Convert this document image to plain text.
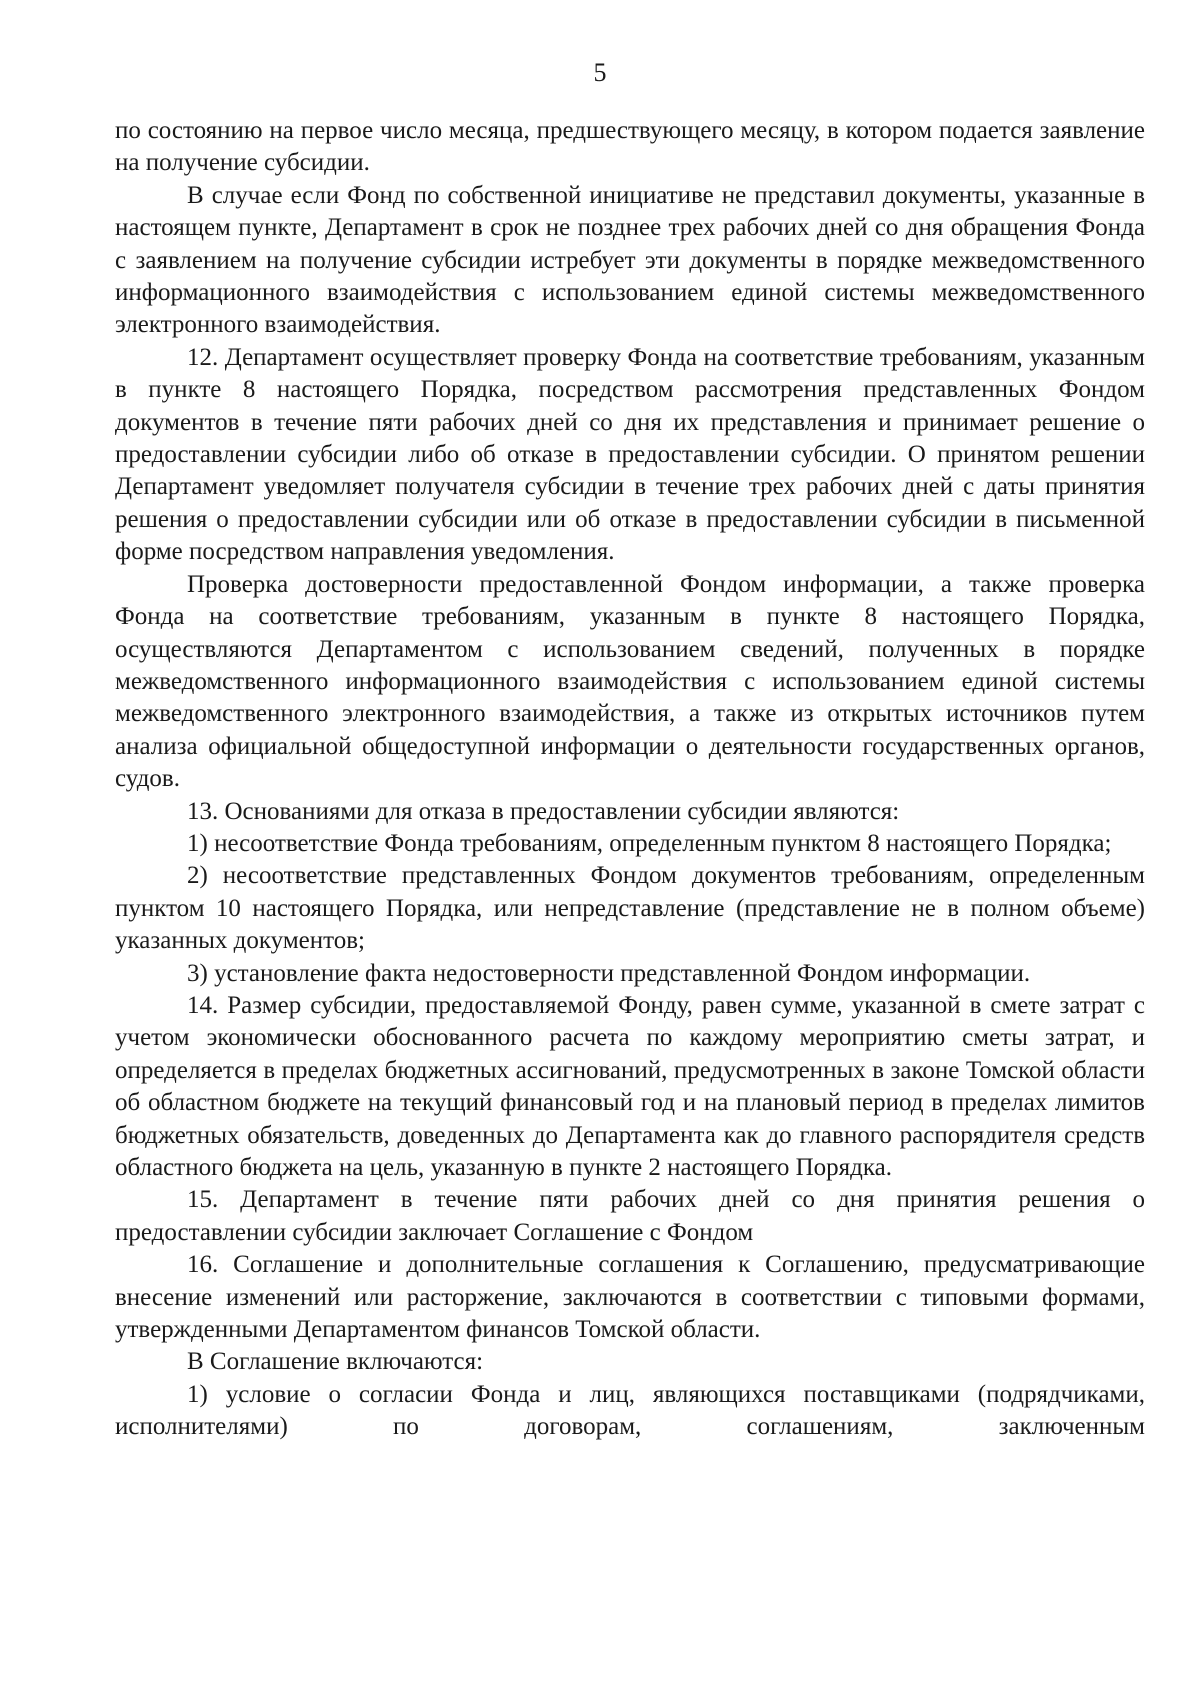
5

по состоянию на первое число месяца, предшествующего месяцу, в котором подается заявление на получение субсидии.

В случае если Фонд по собственной инициативе не представил документы, указанные в настоящем пункте, Департамент в срок не позднее трех рабочих дней со дня обращения Фонда с заявлением на получение субсидии истребует эти документы в порядке межведомственного информационного взаимодействия с использованием единой системы межведомственного электронного взаимодействия.

12. Департамент осуществляет проверку Фонда на соответствие требованиям, указанным в пункте 8 настоящего Порядка, посредством рассмотрения представленных Фондом документов в течение пяти рабочих дней со дня их представления и принимает решение о предоставлении субсидии либо об отказе в предоставлении субсидии. О принятом решении Департамент уведомляет получателя субсидии в течение трех рабочих дней с даты принятия решения о предоставлении субсидии или об отказе в предоставлении субсидии в письменной форме посредством направления уведомления.

Проверка достоверности предоставленной Фондом информации, а также проверка Фонда на соответствие требованиям, указанным в пункте 8 настоящего Порядка, осуществляются Департаментом с использованием сведений, полученных в порядке межведомственного информационного взаимодействия с использованием единой системы межведомственного электронного взаимодействия, а также из открытых источников путем анализа официальной общедоступной информации о деятельности государственных органов, судов.

13. Основаниями для отказа в предоставлении субсидии являются:

1) несоответствие Фонда требованиям, определенным пунктом 8 настоящего Порядка;

2) несоответствие представленных Фондом документов требованиям, определенным пунктом 10 настоящего Порядка, или непредставление (представление не в полном объеме) указанных документов;

3) установление факта недостоверности представленной Фондом информации.

14. Размер субсидии, предоставляемой Фонду, равен сумме, указанной в смете затрат с учетом экономически обоснованного расчета по каждому мероприятию сметы затрат, и определяется в пределах бюджетных ассигнований, предусмотренных в законе Томской области об областном бюджете на текущий финансовый год и на плановый период в пределах лимитов бюджетных обязательств, доведенных до Департамента как до главного распорядителя средств областного бюджета на цель, указанную в пункте 2 настоящего Порядка.

15. Департамент в течение пяти рабочих дней со дня принятия решения о предоставлении субсидии заключает Соглашение с Фондом

16. Соглашение и дополнительные соглашения к Соглашению, предусматривающие внесение изменений или расторжение, заключаются в соответствии с типовыми формами, утвержденными Департаментом финансов Томской области.

В Соглашение включаются:

1) условие о согласии Фонда и лиц, являющихся поставщиками (подрядчиками, исполнителями) по договорам, соглашениям, заключенным
